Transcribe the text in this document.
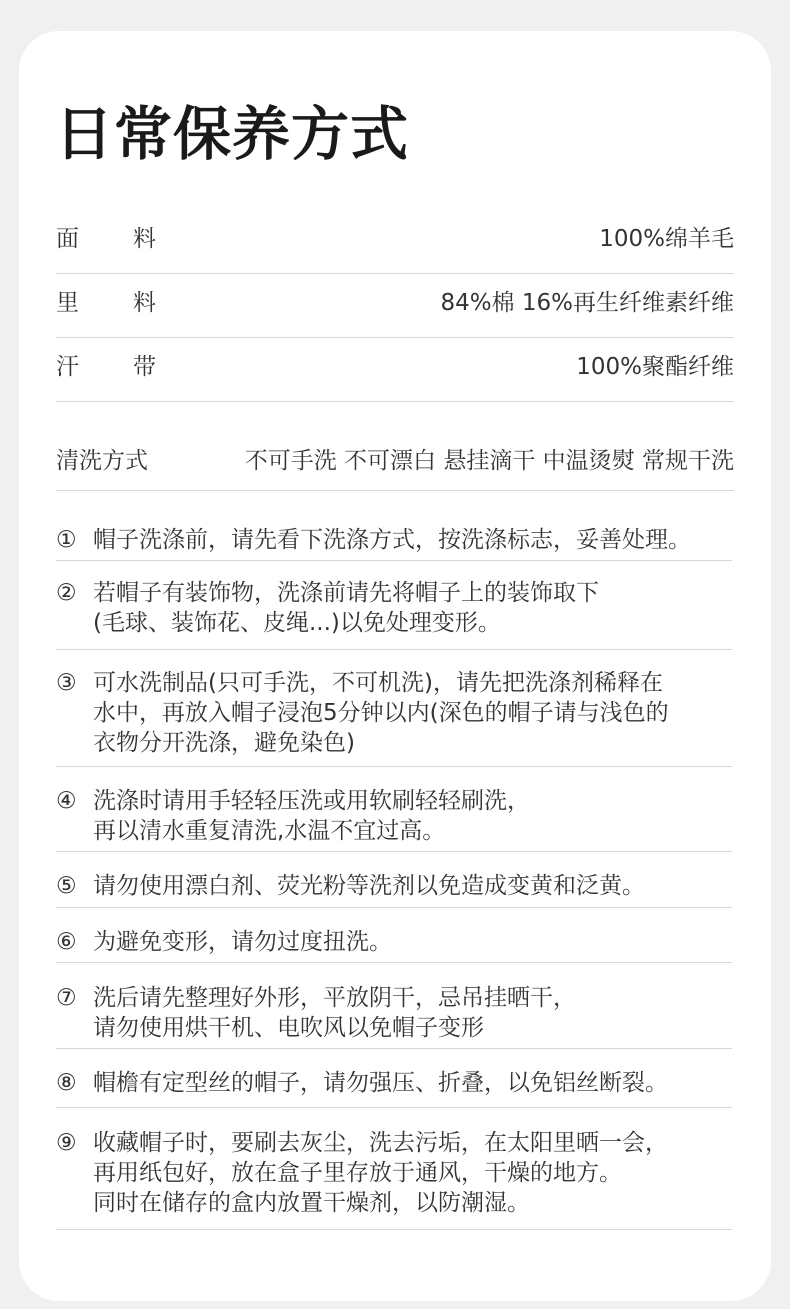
日常保养方式
面 料	100%绵羊毛
里 料	84%棉 16%再生纤维素纤维
汗 带	100%聚酯纤维
清洗方式	不可手洗 不可漂白 悬挂滴干 中温烫熨 常规干洗
① 帽子洗涤前，请先看下洗涤方式，按洗涤标志，妥善处理。
② 若帽子有装饰物，洗涤前请先将帽子上的装饰取下
(毛球、装饰花、皮绳...)以免处理变形。
③ 可水洗制品(只可手洗，不可机洗)，请先把洗涤剂稀释在
水中，再放入帽子浸泡5分钟以内(深色的帽子请与浅色的
衣物分开洗涤，避免染色)
④ 洗涤时请用手轻轻压洗或用软刷轻轻刷洗，
再以清水重复清洗,水温不宜过高。
⑤ 请勿使用漂白剂、荧光粉等洗剂以免造成变黄和泛黄。
⑥ 为避免变形，请勿过度扭洗。
⑦ 洗后请先整理好外形，平放阴干，忌吊挂晒干，
请勿使用烘干机、电吹风以免帽子变形
⑧ 帽檐有定型丝的帽子，请勿强压、折叠，以免铝丝断裂。
⑨ 收藏帽子时，要刷去灰尘，洗去污垢，在太阳里晒一会，
再用纸包好，放在盒子里存放于通风，干燥的地方。
同时在储存的盒内放置干燥剂，以防潮湿。
